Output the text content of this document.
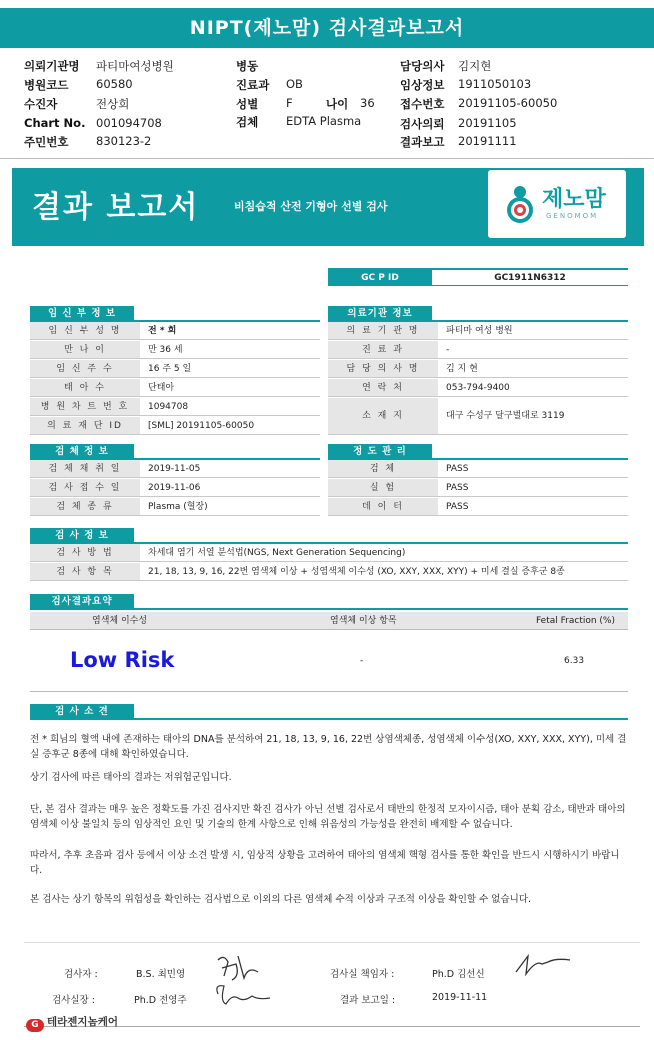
NIPT(제노맘) 검사결과보고서
의뢰기관명 파티마여성병원
병원코드 60580
수진자	전상희
Chart No. 001094708
주민번호 830123-2
병동
진료과 OB
성별 F	나이 36
검체 EDTA Plasma
담당의사 김지현
임상정보 1911050103
접수번호 20191105-60050
검사의뢰 20191105
결과보고 20191111
결과 보고서	비침습적 산전 기형아 선별 검사	제노맘
GENOMOM
GC P ID	GC1911N6312
임 신 부 정 보
임 신 부 성 명	전 * 희
만 나 이	만 36 세
임 신 주 수	16 주 5 일
태 아 수	단태아
병 원 차 트 번 호	1094708
의 료 재 단 ID	[SML] 20191105-60050
의료기관 정보
의 료 기 관 명	파티마 여성 병원
진 료 과	-
담 당 의 사 명	김 지 현
연 락 처	053-794-9400
소 재 지	대구 수성구 달구벌대로 3119
검 체 정 보
검 체 채 취 일	2019-11-05
검 사 접 수 일	2019-11-06
검 체 종 류	Plasma (혈장)
정 도 관 리
검 체	PASS
실 험	PASS
데 이 터	PASS
검 사 정 보
검 사 방 법	차세대 염기 서열 분석법(NGS, Next Generation Sequencing)
검 사 항 목	21, 18, 13, 9, 16, 22번 염색체 이상 + 성염색체 이수성 (XO, XXY, XXX, XYY) + 미세 결실 증후군 8종
검사결과요약
염색체 이수성	염색체 이상 항목	Fetal Fraction (%)
Low Risk	-	6.33
검 사 소 견
전 * 희님의 혈액 내에 존재하는 태아의 DNA를 분석하여 21, 18, 13, 9, 16, 22번 상염색체종, 성염색체 이수성(XO, XXY, XXX, XYY), 미세 결실 증후군 8종에 대해 확인하였습니다.
상기 검사에 따른 태아의 결과는 저위험군입니다.
단, 본 검사 결과는 매우 높은 정확도를 가진 검사지만 확진 검사가 아닌 선별 검사로서 태반의 한정적 모자이시즘, 태아 분획 감소, 태반과 태아의 염색체 이상 불일치 등의 임상적인 요인 및 기술의 한계 사항으로 인해 위음성의 가능성을 완전히 배제할 수 없습니다.
따라서, 추후 초음파 검사 등에서 이상 소견 발생 시, 임상적 상황을 고려하여 태아의 염색체 핵형 검사를 통한 확인을 반드시 시행하시기 바랍니다.
본 검사는 상기 항목의 위험성을 확인하는 검사법으로 이외의 다른 염색체 수적 이상과 구조적 이상을 확인할 수 없습니다.
검사자 :	B.S. 최민영
검사실장 :	Ph.D 전영주
검사실 책임자 :	Ph.D 김선신
결과 보고일 :	2019-11-11
G 테라젠지놈케어
